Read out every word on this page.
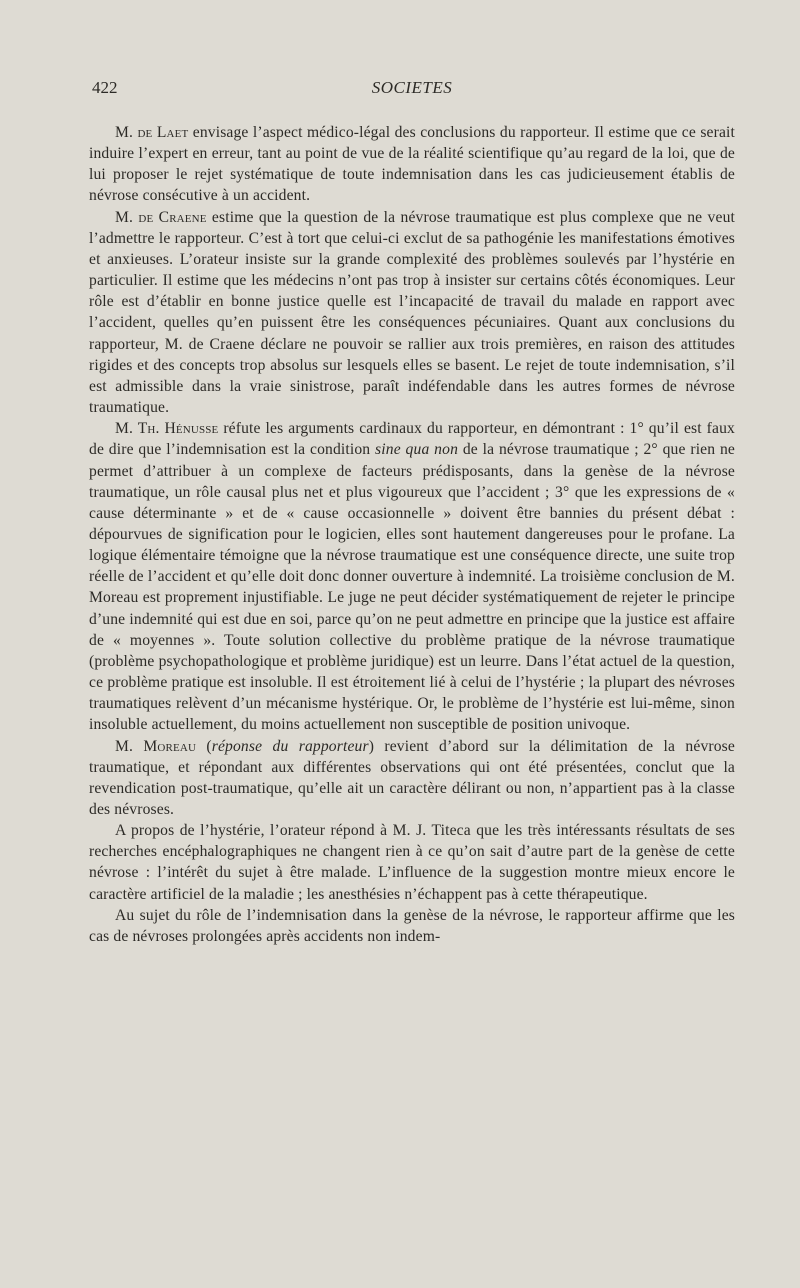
422	SOCIETES

M. de Laet envisage l’aspect médico-légal des conclusions du rapporteur. Il estime que ce serait induire l’expert en erreur, tant au point de vue de la réalité scientifique qu’au regard de la loi, que de lui proposer le rejet systématique de toute indemnisation dans les cas judicieusement établis de névrose consécutive à un accident.

M. de Craene estime que la question de la névrose traumatique est plus complexe que ne veut l’admettre le rapporteur. C’est à tort que celui-ci exclut de sa pathogénie les manifestations émotives et anxieuses. L’orateur insiste sur la grande complexité des problèmes soulevés par l’hystérie en particulier. Il estime que les médecins n’ont pas trop à insister sur certains côtés économiques. Leur rôle est d’établir en bonne justice quelle est l’incapacité de travail du malade en rapport avec l’accident, quelles qu’en puissent être les conséquences pécuniaires. Quant aux conclusions du rapporteur, M. de Craene déclare ne pouvoir se rallier aux trois premières, en raison des attitudes rigides et des concepts trop absolus sur lesquels elles se basent. Le rejet de toute indemnisation, s’il est admissible dans la vraie sinistrose, paraît indéfendable dans les autres formes de névrose traumatique.

M. Th. Hénusse réfute les arguments cardinaux du rapporteur, en démontrant : 1° qu’il est faux de dire que l’indemnisation est la condition sine qua non de la névrose traumatique ; 2° que rien ne permet d’attribuer à un complexe de facteurs prédisposants, dans la genèse de la névrose traumatique, un rôle causal plus net et plus vigoureux que l’accident ; 3° que les expressions de « cause déterminante » et de « cause occasionnelle » doivent être bannies du présent débat : dépourvues de signification pour le logicien, elles sont hautement dangereuses pour le profane. La logique élémentaire témoigne que la névrose traumatique est une conséquence directe, une suite trop réelle de l’accident et qu’elle doit donc donner ouverture à indemnité. La troisième conclusion de M. Moreau est proprement injustifiable. Le juge ne peut décider systématiquement de rejeter le principe d’une indemnité qui est due en soi, parce qu’on ne peut admettre en principe que la justice est affaire de « moyennes ». Toute solution collective du problème pratique de la névrose traumatique (problème psychopathologique et problème juridique) est un leurre. Dans l’état actuel de la question, ce problème pratique est insoluble. Il est étroitement lié à celui de l’hystérie ; la plupart des névroses traumatiques relèvent d’un mécanisme hystérique. Or, le problème de l’hystérie est lui-même, sinon insoluble actuellement, du moins actuellement non susceptible de position univoque.

M. Moreau (réponse du rapporteur) revient d’abord sur la délimitation de la névrose traumatique, et répondant aux différentes observations qui ont été présentées, conclut que la revendication post-traumatique, qu’elle ait un caractère délirant ou non, n’appartient pas à la classe des névroses.

A propos de l’hystérie, l’orateur répond à M. J. Titeca que les très intéressants résultats de ses recherches encéphalographiques ne changent rien à ce qu’on sait d’autre part de la genèse de cette névrose : l’intérêt du sujet à être malade. L’influence de la suggestion montre mieux encore le caractère artificiel de la maladie ; les anesthésies n’échappent pas à cette thérapeutique.

Au sujet du rôle de l’indemnisation dans la genèse de la névrose, le rapporteur affirme que les cas de névroses prolongées après accidents non indem-
